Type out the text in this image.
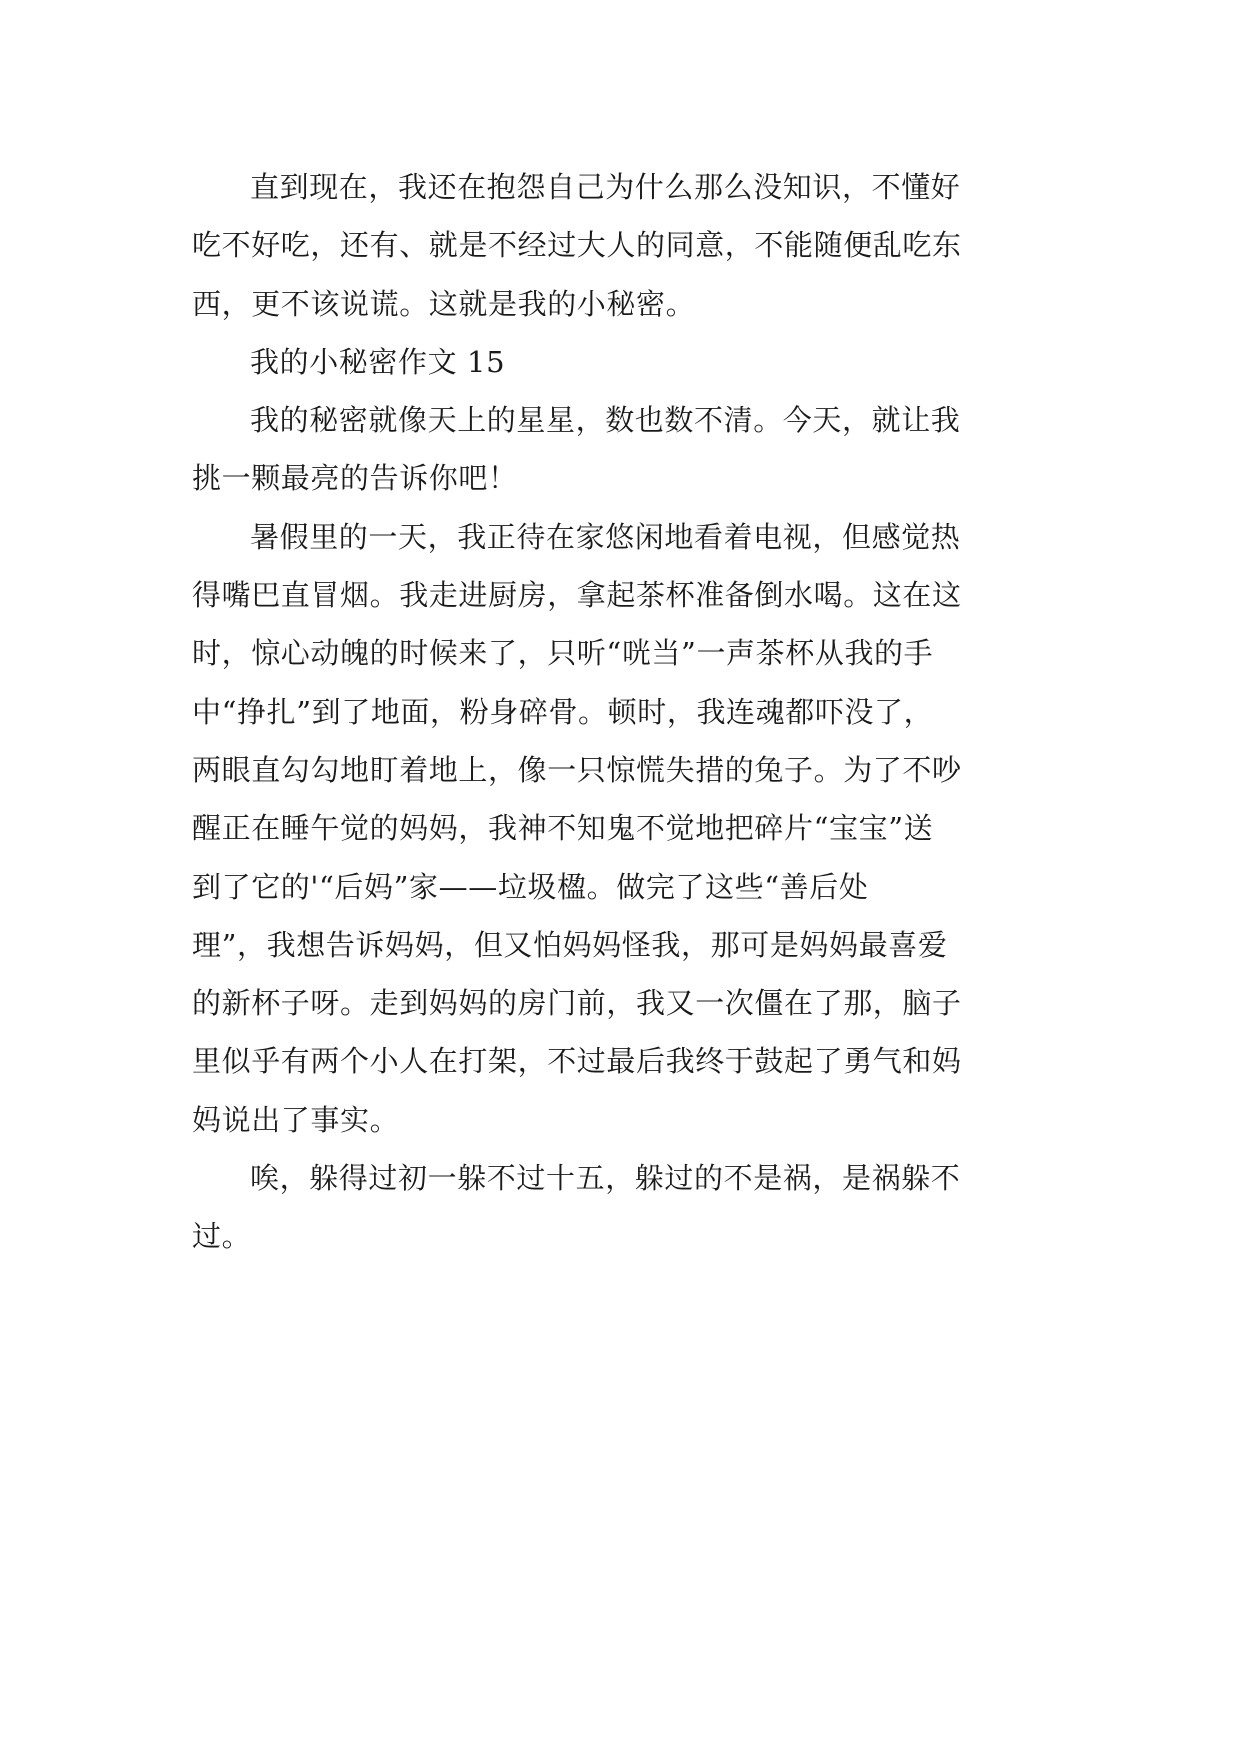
直到现在，我还在抱怨自己为什么那么没知识，不懂好
吃不好吃，还有、就是不经过大人的同意，不能随便乱吃东
西，更不该说谎。这就是我的小秘密。

我的小秘密作文 15

我的秘密就像天上的星星，数也数不清。今天，就让我
挑一颗最亮的告诉你吧！

暑假里的一天，我正待在家悠闲地看着电视，但感觉热
得嘴巴直冒烟。我走进厨房，拿起茶杯准备倒水喝。这在这
时，惊心动魄的时候来了，只听“咣当”一声茶杯从我的手
中“挣扎”到了地面，粉身碎骨。顿时，我连魂都吓没了，
两眼直勾勾地盯着地上，像一只惊慌失措的兔子。为了不吵
醒正在睡午觉的妈妈，我神不知鬼不觉地把碎片“宝宝”送
到了它的'“后妈”家——垃圾楹。做完了这些“善后处
理”，我想告诉妈妈，但又怕妈妈怪我，那可是妈妈最喜爱
的新杯子呀。走到妈妈的房门前，我又一次僵在了那，脑子
里似乎有两个小人在打架，不过最后我终于鼓起了勇气和妈
妈说出了事实。

唉，躲得过初一躲不过十五，躲过的不是祸，是祸躲不
过。
